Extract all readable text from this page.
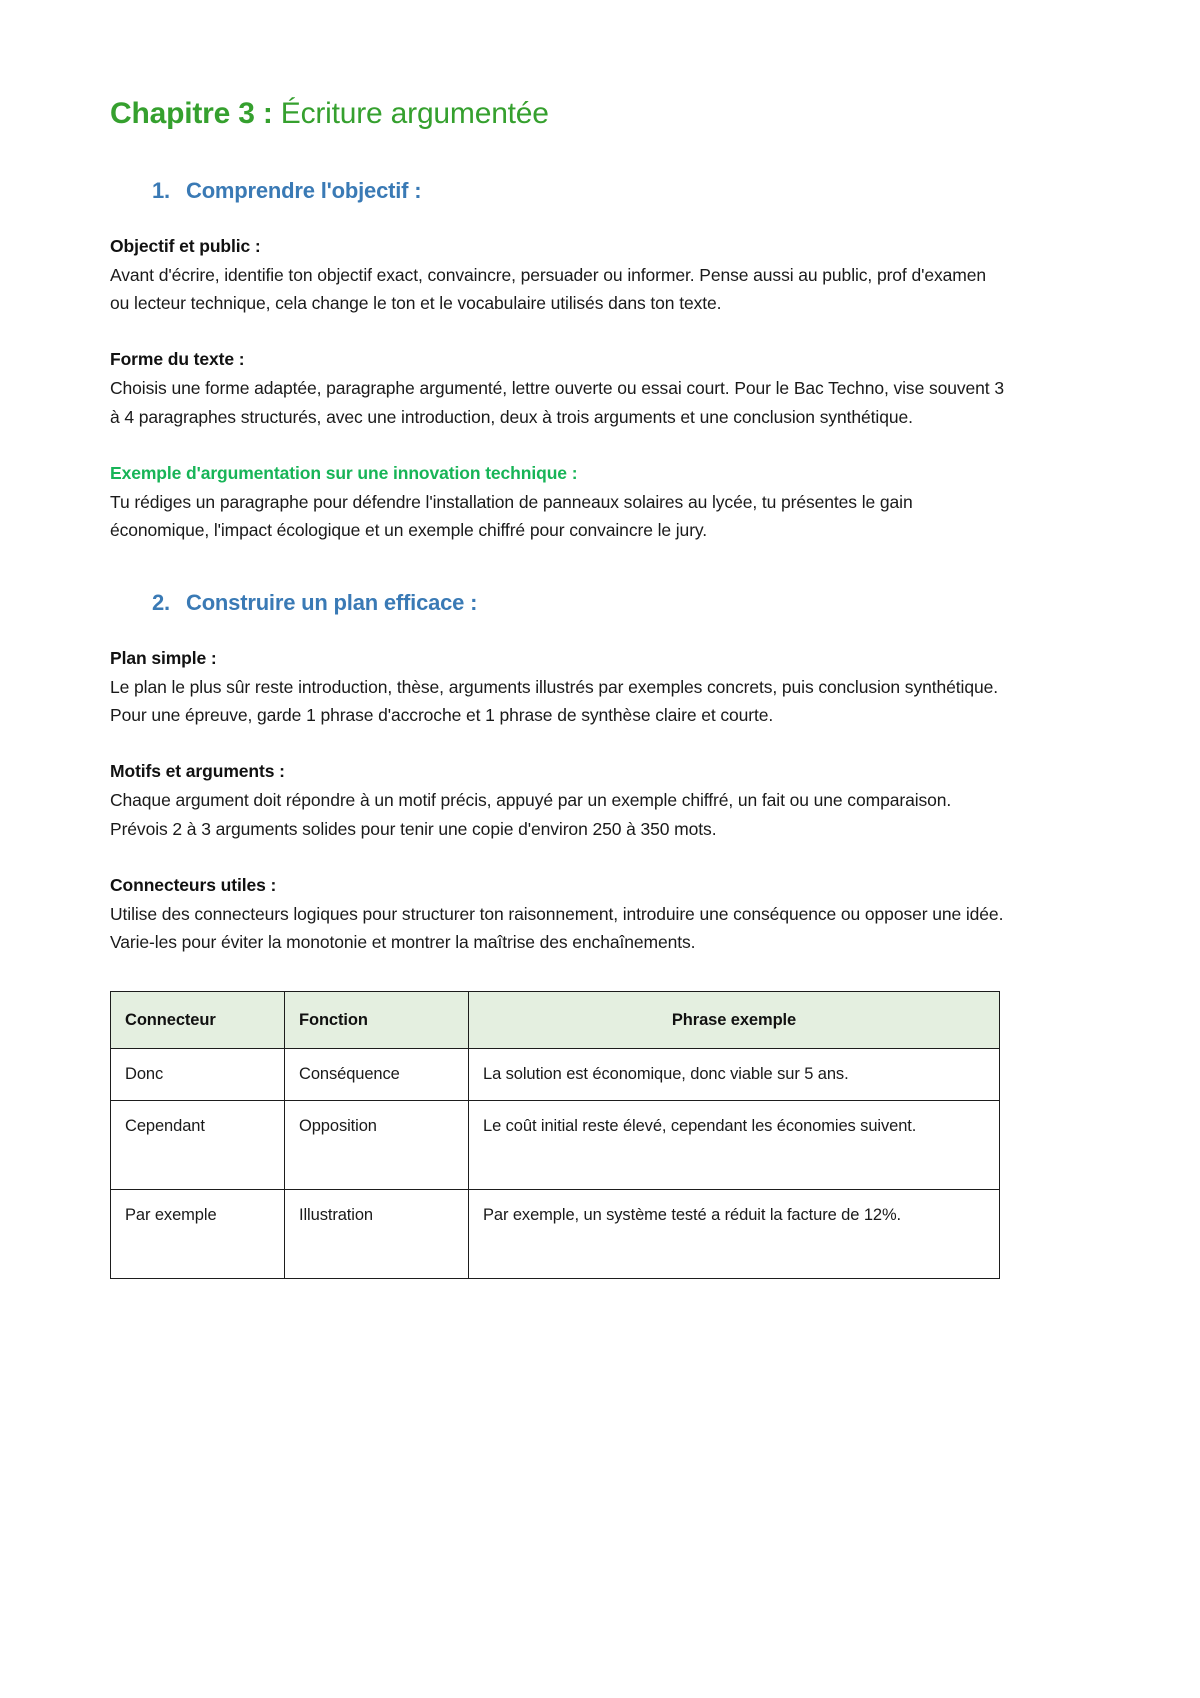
Chapitre 3 : Écriture argumentée
1. Comprendre l'objectif :

Objectif et public :

Avant d'écrire, identifie ton objectif exact, convaincre, persuader ou informer. Pense aussi au public, prof d'examen ou lecteur technique, cela change le ton et le vocabulaire utilisés dans ton texte.

Forme du texte :

Choisis une forme adaptée, paragraphe argumenté, lettre ouverte ou essai court. Pour le Bac Techno, vise souvent 3 à 4 paragraphes structurés, avec une introduction, deux à trois arguments et une conclusion synthétique.

Exemple d'argumentation sur une innovation technique :

Tu rédiges un paragraphe pour défendre l'installation de panneaux solaires au lycée, tu présentes le gain économique, l'impact écologique et un exemple chiffré pour convaincre le jury.

2. Construire un plan efficace :

Plan simple :

Le plan le plus sûr reste introduction, thèse, arguments illustrés par exemples concrets, puis conclusion synthétique. Pour une épreuve, garde 1 phrase d'accroche et 1 phrase de synthèse claire et courte.

Motifs et arguments :

Chaque argument doit répondre à un motif précis, appuyé par un exemple chiffré, un fait ou une comparaison. Prévois 2 à 3 arguments solides pour tenir une copie d'environ 250 à 350 mots.

Connecteurs utiles :

Utilise des connecteurs logiques pour structurer ton raisonnement, introduire une conséquence ou opposer une idée. Varie-les pour éviter la monotonie et montrer la maîtrise des enchaînements.

Connecteur	Fonction	Phrase exemple
Donc	Conséquence	La solution est économique, donc viable sur 5 ans.
Cependant	Opposition	Le coût initial reste élevé, cependant les économies suivent.
Par exemple	Illustration	Par exemple, un système testé a réduit la facture de 12%.
